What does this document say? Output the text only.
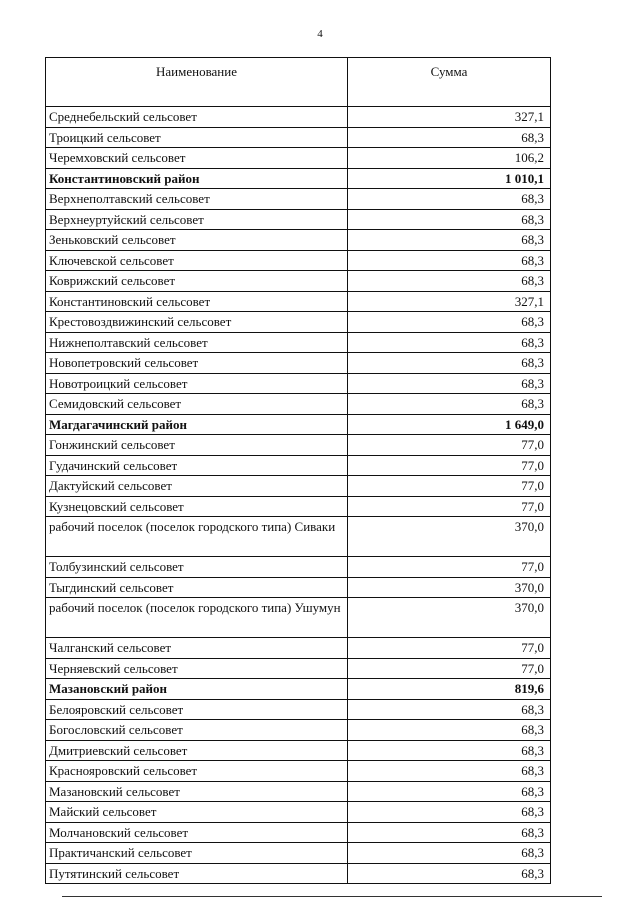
4
Наименование	Сумма
Среднебельский сельсовет	327,1
Троицкий сельсовет	68,3
Черемховский сельсовет	106,2
Константиновский район	1 010,1
Верхнеполтавский сельсовет	68,3
Верхнеуртуйский сельсовет	68,3
Зеньковский сельсовет	68,3
Ключевской сельсовет	68,3
Коврижский сельсовет	68,3
Константиновский сельсовет	327,1
Крестовоздвижинский сельсовет	68,3
Нижнеполтавский сельсовет	68,3
Новопетровский сельсовет	68,3
Новотроицкий сельсовет	68,3
Семидовский сельсовет	68,3
Магдагачинский район	1 649,0
Гонжинский сельсовет	77,0
Гудачинский сельсовет	77,0
Дактуйский сельсовет	77,0
Кузнецовский сельсовет	77,0
рабочий поселок (поселок городского типа) Сиваки	370,0
Толбузинский сельсовет	77,0
Тыгдинский сельсовет	370,0
рабочий поселок (поселок городского типа) Ушумун	370,0
Чалганский сельсовет	77,0
Черняевский сельсовет	77,0
Мазановский район	819,6
Белояровский сельсовет	68,3
Богословский сельсовет	68,3
Дмитриевский сельсовет	68,3
Краснояровский сельсовет	68,3
Мазановский сельсовет	68,3
Майский сельсовет	68,3
Молчановский сельсовет	68,3
Практичанский сельсовет	68,3
Путятинский сельсовет	68,3
